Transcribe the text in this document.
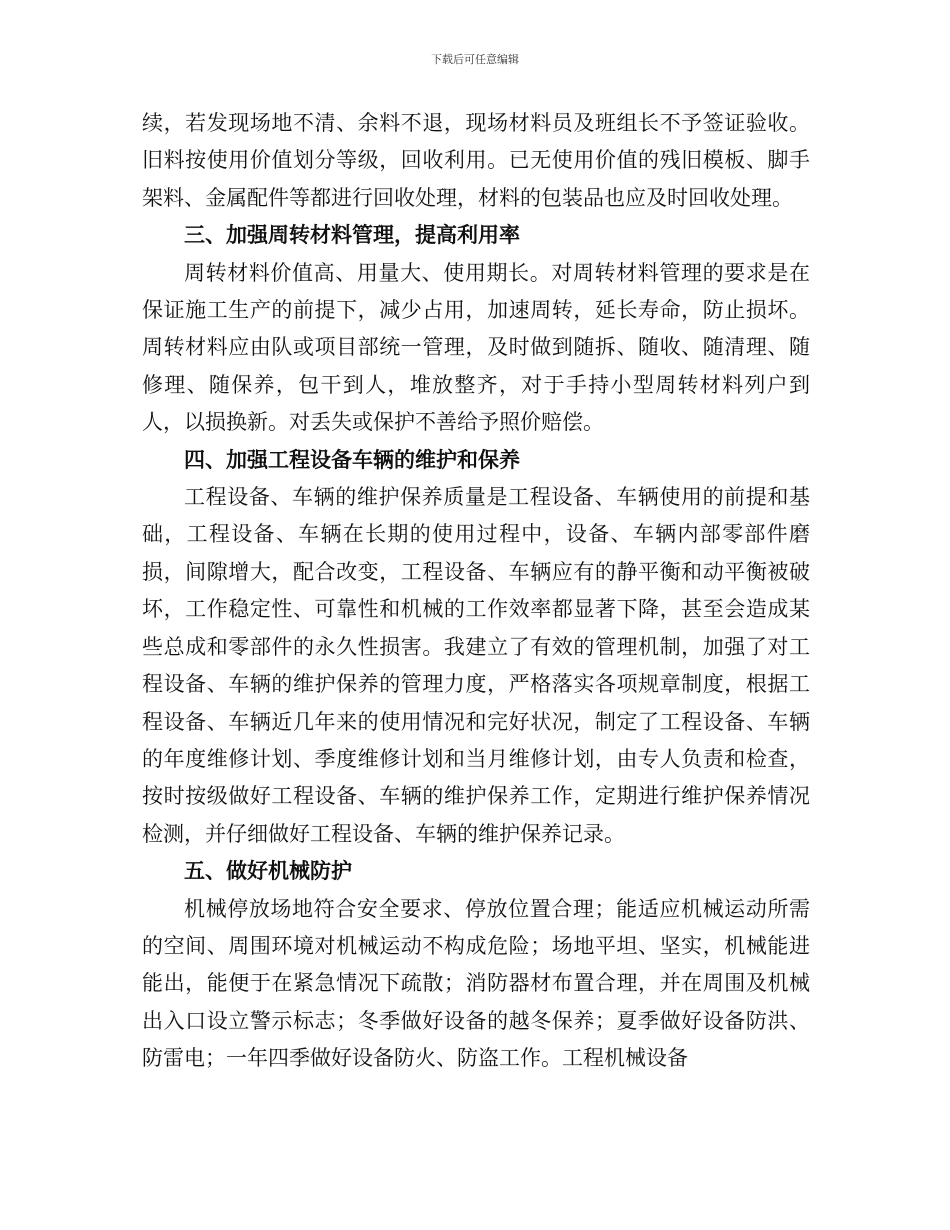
下载后可任意编辑

续，若发现场地不清、余料不退，现场材料员及班组长不予签证验收。旧料按使用价值划分等级，回收利用。已无使用价值的残旧模板、脚手架料、金属配件等都进行回收处理，材料的包装品也应及时回收处理。

三、加强周转材料管理，提高利用率

周转材料价值高、用量大、使用期长。对周转材料管理的要求是在保证施工生产的前提下，减少占用，加速周转，延长寿命，防止损坏。周转材料应由队或项目部统一管理，及时做到随拆、随收、随清理、随修理、随保养，包干到人，堆放整齐，对于手持小型周转材料列户到人，以损换新。对丢失或保护不善给予照价赔偿。

四、加强工程设备车辆的维护和保养

工程设备、车辆的维护保养质量是工程设备、车辆使用的前提和基础，工程设备、车辆在长期的使用过程中，设备、车辆内部零部件磨损，间隙增大，配合改变，工程设备、车辆应有的静平衡和动平衡被破坏，工作稳定性、可靠性和机械的工作效率都显著下降，甚至会造成某些总成和零部件的永久性损害。我建立了有效的管理机制，加强了对工程设备、车辆的维护保养的管理力度，严格落实各项规章制度，根据工程设备、车辆近几年来的使用情况和完好状况，制定了工程设备、车辆的年度维修计划、季度维修计划和当月维修计划，由专人负责和检查，按时按级做好工程设备、车辆的维护保养工作，定期进行维护保养情况检测，并仔细做好工程设备、车辆的维护保养记录。

五、做好机械防护

机械停放场地符合安全要求、停放位置合理；能适应机械运动所需的空间、周围环境对机械运动不构成危险；场地平坦、坚实，机械能进能出，能便于在紧急情况下疏散；消防器材布置合理，并在周围及机械出入口设立警示标志；冬季做好设备的越冬保养；夏季做好设备防洪、防雷电；一年四季做好设备防火、防盗工作。工程机械设备
